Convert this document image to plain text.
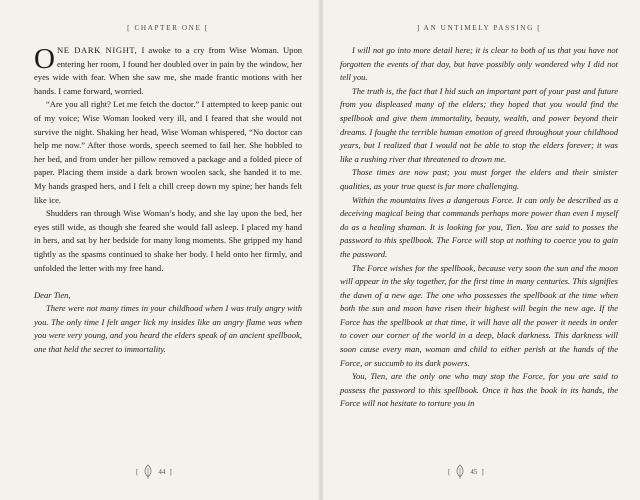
[ CHAPTER ONE [

ONE DARK NIGHT, I awoke to a cry from Wise Woman. Upon entering her room, I found her doubled over in pain by the window, her eyes wide with fear. When she saw me, she made frantic motions with her hands. I came forward, worried.

“Are you all right? Let me fetch the doctor.” I attempted to keep panic out of my voice; Wise Woman looked very ill, and I feared that she would not survive the night. Shaking her head, Wise Woman whispered, “No doctor can help me now.” After those words, speech seemed to fail her. She hobbled to her bed, and from under her pillow removed a package and a folded piece of paper. Placing them inside a dark brown woolen sack, she handed it to me. My hands grasped hers, and I felt a chill creep down my spine; her hands felt like ice.

Shudders ran through Wise Woman’s body, and she lay upon the bed, her eyes still wide, as though she feared she would fall asleep. I placed my hand in hers, and sat by her bedside for many long moments. She gripped my hand tightly as the spasms continued to shake her body. I held onto her firmly, and unfolded the letter with my free hand.

Dear Tien,

There were not many times in your childhood when I was truly angry with you. The only time I felt anger lick my insides like an angry flame was when you were very young, and you heard the elders speak of an ancient spellbook, one that held the secret to immortality.

[	44 ]
] AN UNTIMELY PASSING [

I will not go into more detail here; it is clear to both of us that you have not forgotten the events of that day, but have possibly only wondered why I did not tell you.

The truth is, the fact that I hid such an important part of your past and future from you displeased many of the elders; they hoped that you would find the spellbook and give them immortality, beauty, wealth, and power beyond their dreams. I fought the terrible human emotion of greed throughout your childhood years, but I realized that I would not be able to stop the elders forever; it was like a rushing river that threatened to drown me.

Those times are now past; you must forget the elders and their sinister qualities, as your true quest is far more challenging.

Within the mountains lives a dangerous Force. It can only be described as a deceiving magical being that commands perhaps more power than even I myself do as a healing shaman. It is looking for you, Tien. You are said to posses the password to this spellbook. The Force will stop at nothing to coerce you to gain the password.

The Force wishes for the spellbook, because very soon the sun and the moon will appear in the sky together, for the first time in many centuries. This signifies the dawn of a new age. The one who possesses the spellbook at the time when both the sun and moon have risen their highest will begin the new age. If the Force has the spellbook at that time, it will have all the power it needs in order to cover our corner of the world in a deep, black darkness. This darkness will soon cause every man, woman and child to either perish at the hands of the Force, or succumb to its dark powers.

You, Tien, are the only one who may stop the Force, for you are said to possess the password to this spellbook. Once it has the book in its hands, the Force will not hesitate to torture you in

[	45 ]
